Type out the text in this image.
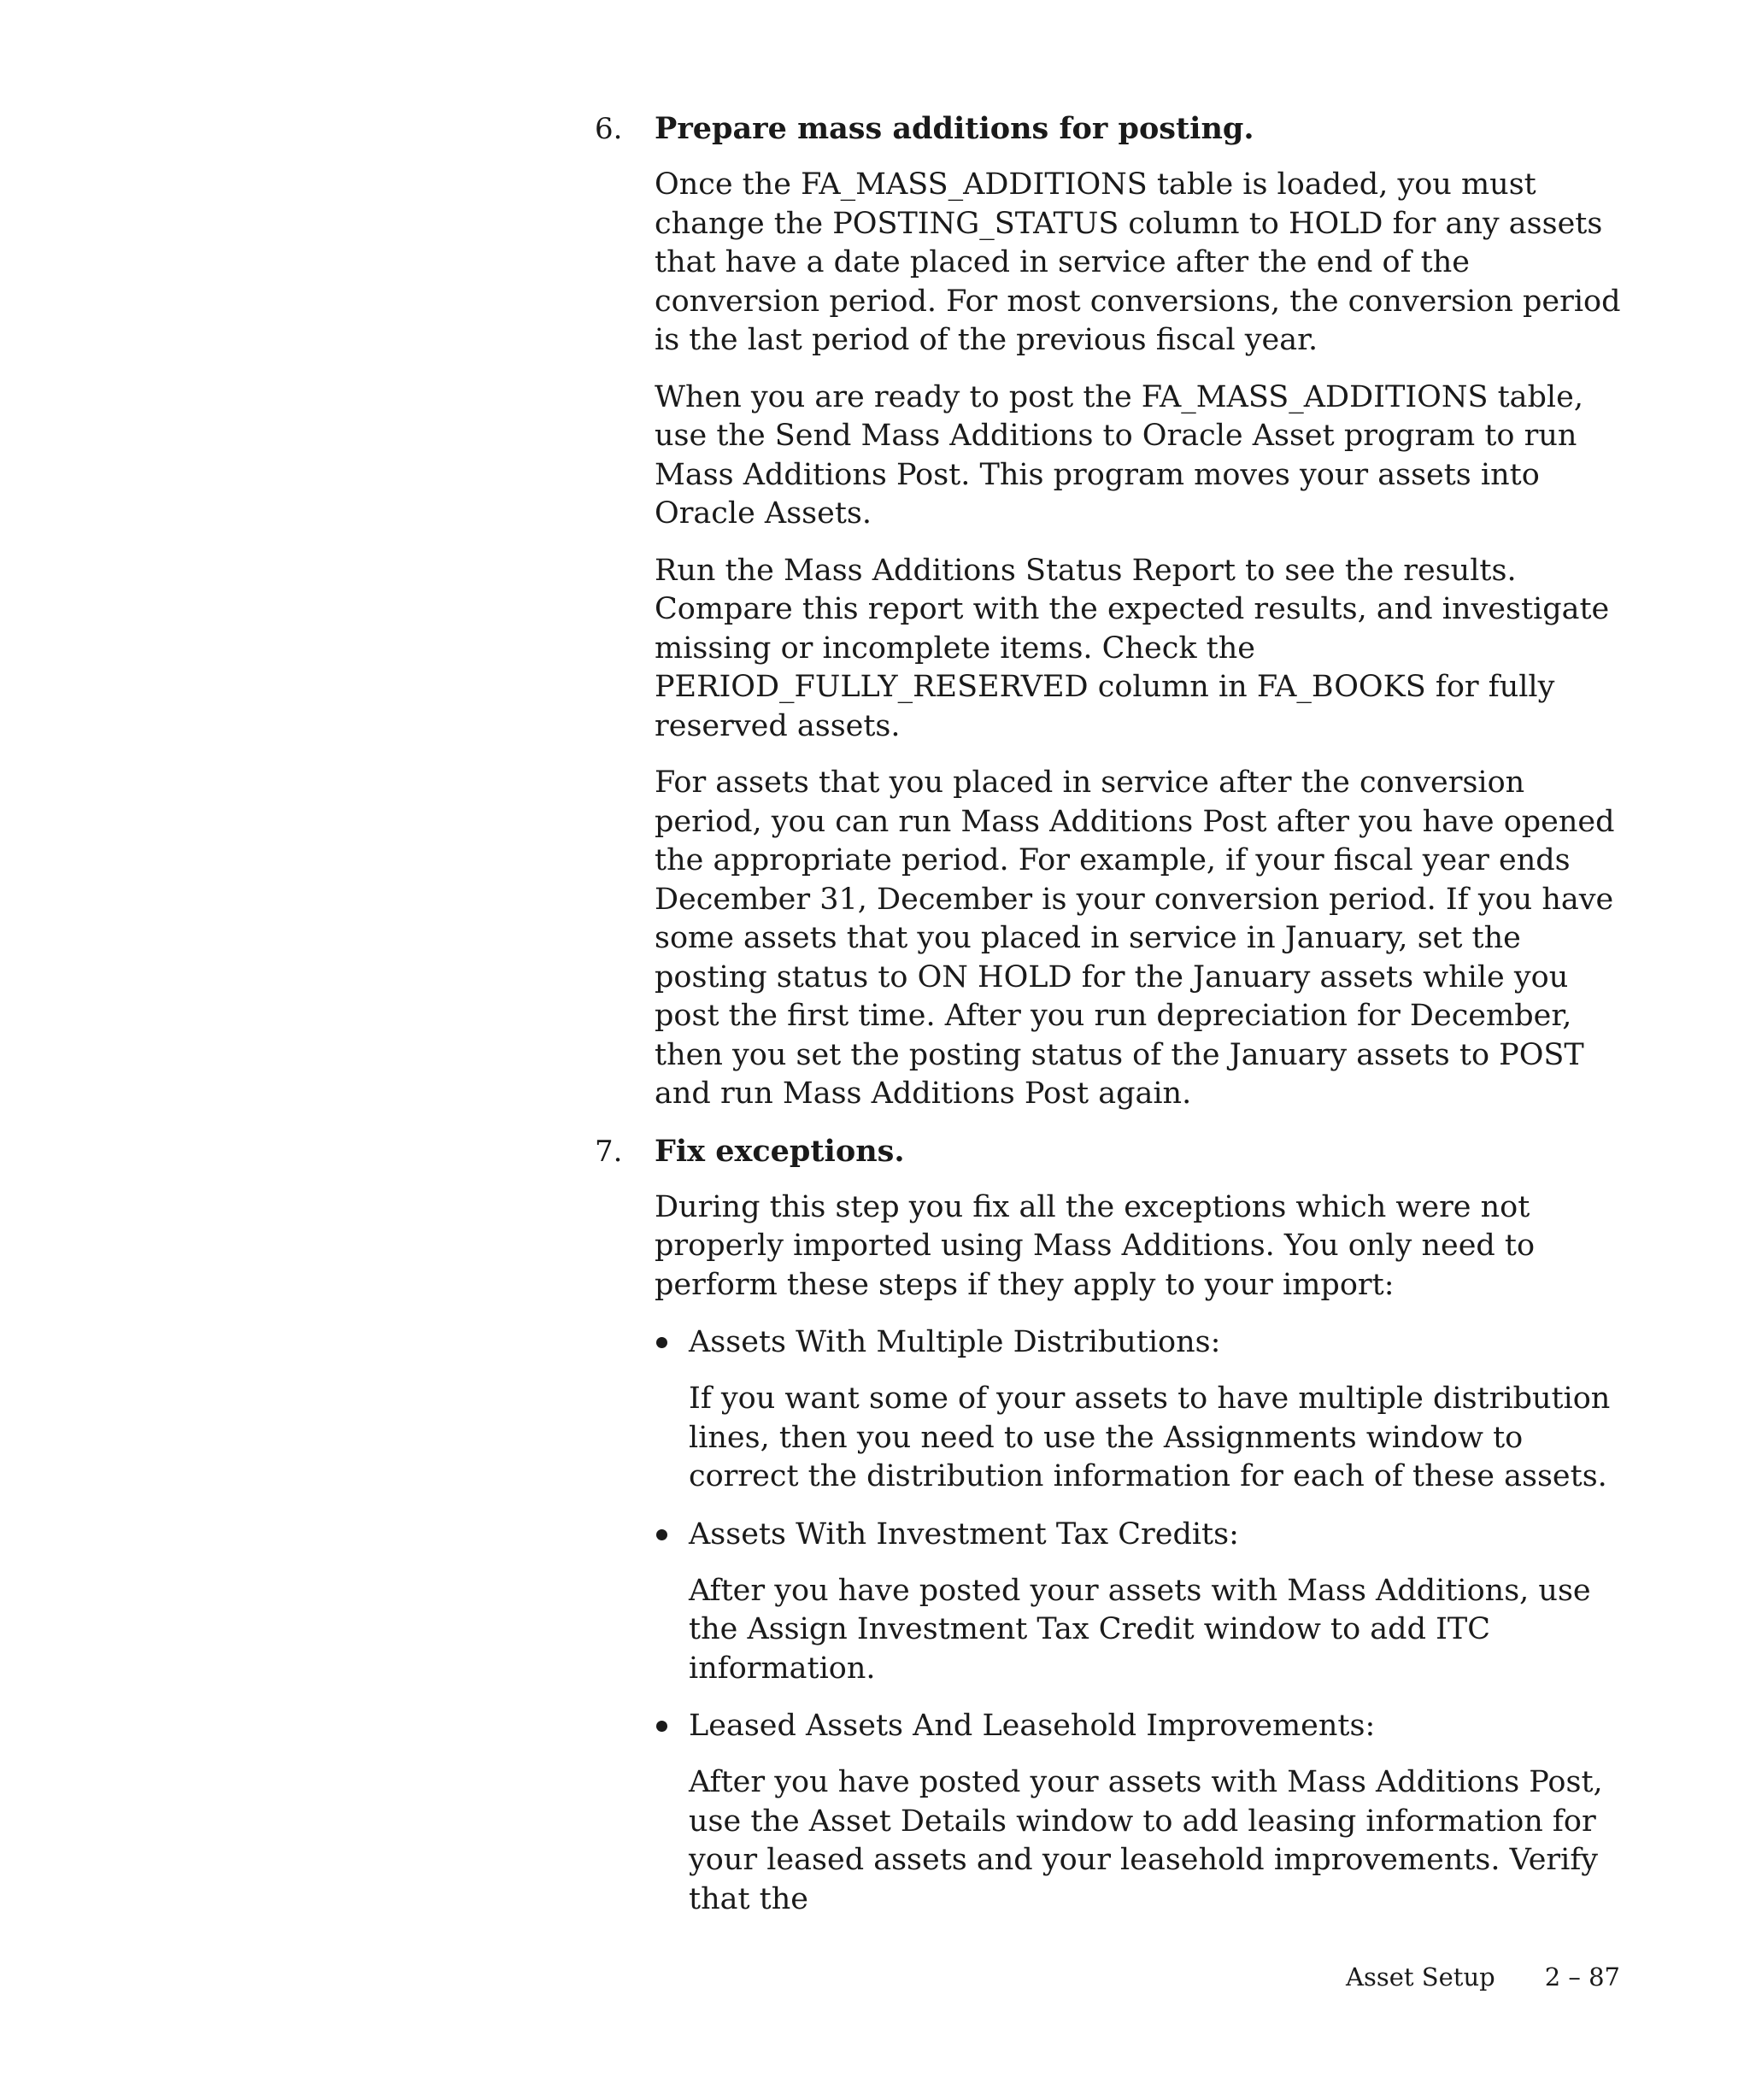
6. Prepare mass additions for posting.

Once the FA_MASS_ADDITIONS table is loaded, you must change the POSTING_STATUS column to HOLD for any assets that have a date placed in service after the end of the conversion period. For most conversions, the conversion period is the last period of the previous fiscal year.

When you are ready to post the FA_MASS_ADDITIONS table, use the Send Mass Additions to Oracle Asset program to run Mass Additions Post. This program moves your assets into Oracle Assets.

Run the Mass Additions Status Report to see the results. Compare this report with the expected results, and investigate missing or incomplete items. Check the PERIOD_FULLY_RESERVED column in FA_BOOKS for fully reserved assets.

For assets that you placed in service after the conversion period, you can run Mass Additions Post after you have opened the appropriate period. For example, if your fiscal year ends December 31, December is your conversion period. If you have some assets that you placed in service in January, set the posting status to ON HOLD for the January assets while you post the first time. After you run depreciation for December, then you set the posting status of the January assets to POST and run Mass Additions Post again.

7. Fix exceptions.

During this step you fix all the exceptions which were not properly imported using Mass Additions. You only need to perform these steps if they apply to your import:

Assets With Multiple Distributions:

If you want some of your assets to have multiple distribution lines, then you need to use the Assignments window to correct the distribution information for each of these assets.

Assets With Investment Tax Credits:

After you have posted your assets with Mass Additions, use the Assign Investment Tax Credit window to add ITC information.

Leased Assets And Leasehold Improvements:

After you have posted your assets with Mass Additions Post, use the Asset Details window to add leasing information for your leased assets and your leasehold improvements. Verify that the

Asset Setup 2 – 87
